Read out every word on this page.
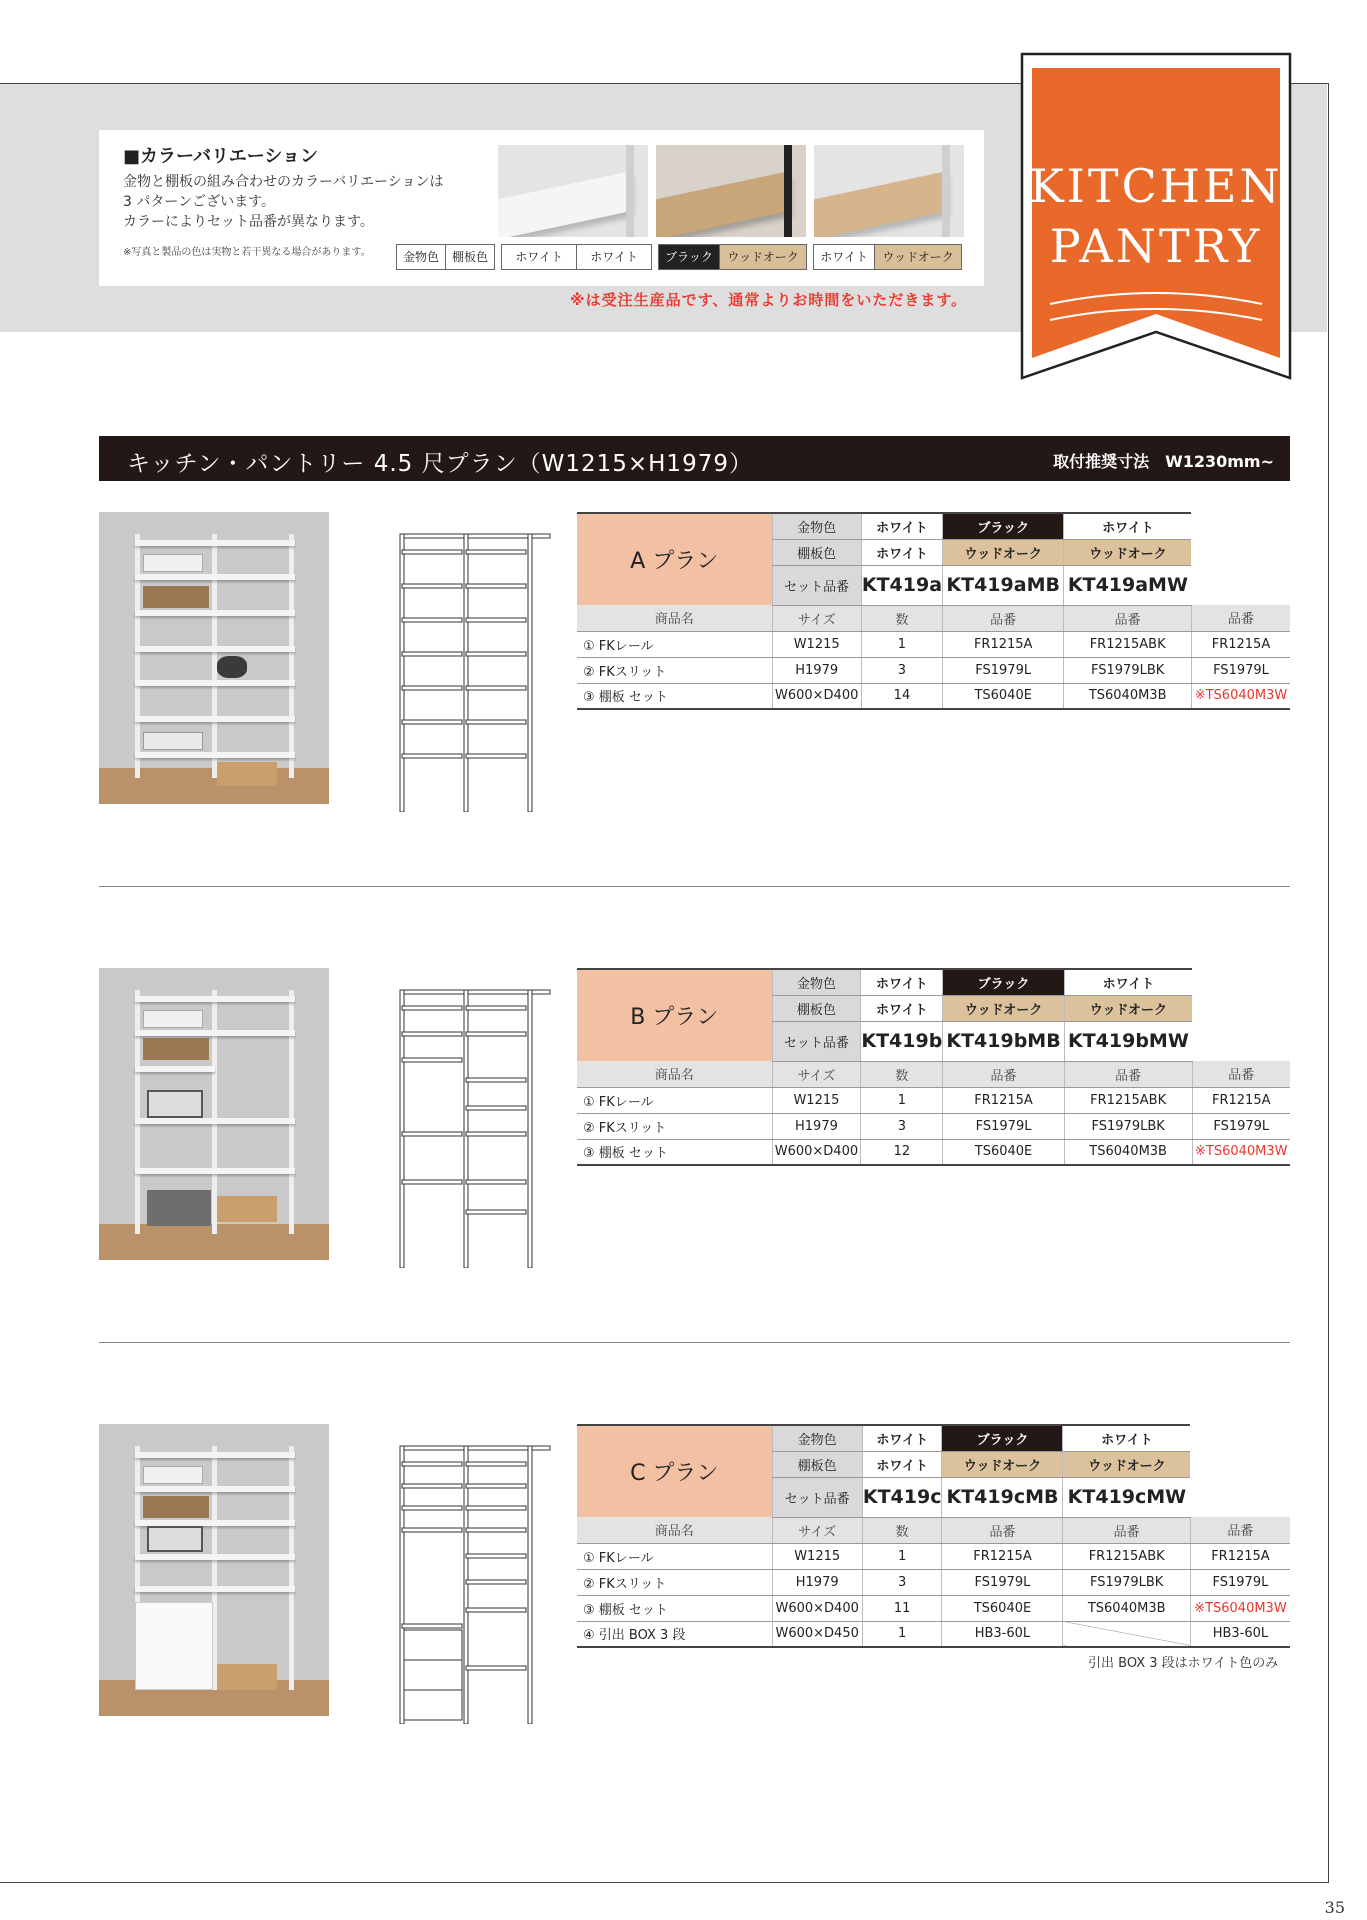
■カラーバリエーション
金物と棚板の組み合わせのカラーバリエーションは
3 パターンございます。
カラーによりセット品番が異なります。
※写真と製品の色は実物と若干異なる場合があります。	金物色	棚板色	ホワイト	ホワイト	ブラック	ウッドオーク	ホワイト	ウッドオーク
※は受注生産品です、通常よりお時間をいただきます。
KITCHEN
PANTRY
キッチン・パントリー 4.5 尺プラン（W1215×H1979）	取付推奨寸法　W1230mm~
A プラン	金物色	ホワイト	ブラック	ホワイト	
	棚板色	ホワイト	ウッドオーク	ウッドオーク	
	セット品番	KT419a	KT419aMB	KT419aMW	
商品名	サイズ	数	品番	品番	品番
① FKレール	W1215	1	FR1215A	FR1215ABK	FR1215A
② FKスリット	H1979	3	FS1979L	FS1979LBK	FS1979L
③ 棚板 セット	W600×D400	14	TS6040E	TS6040M3B	※TS6040M3W
B プラン	金物色	ホワイト	ブラック	ホワイト	
	棚板色	ホワイト	ウッドオーク	ウッドオーク	
	セット品番	KT419b	KT419bMB	KT419bMW	
商品名	サイズ	数	品番	品番	品番
① FKレール	W1215	1	FR1215A	FR1215ABK	FR1215A
② FKスリット	H1979	3	FS1979L	FS1979LBK	FS1979L
③ 棚板 セット	W600×D400	12	TS6040E	TS6040M3B	※TS6040M3W
C プラン	金物色	ホワイト	ブラック	ホワイト	
	棚板色	ホワイト	ウッドオーク	ウッドオーク	
	セット品番	KT419c	KT419cMB	KT419cMW	
商品名	サイズ	数	品番	品番	品番
① FKレール	W1215	1	FR1215A	FR1215ABK	FR1215A
② FKスリット	H1979	3	FS1979L	FS1979LBK	FS1979L
③ 棚板 セット	W600×D400	11	TS6040E	TS6040M3B	※TS6040M3W
④ 引出 BOX 3 段	W600×D450	1	HB3-60L		HB3-60L
引出 BOX 3 段はホワイト色のみ
35
